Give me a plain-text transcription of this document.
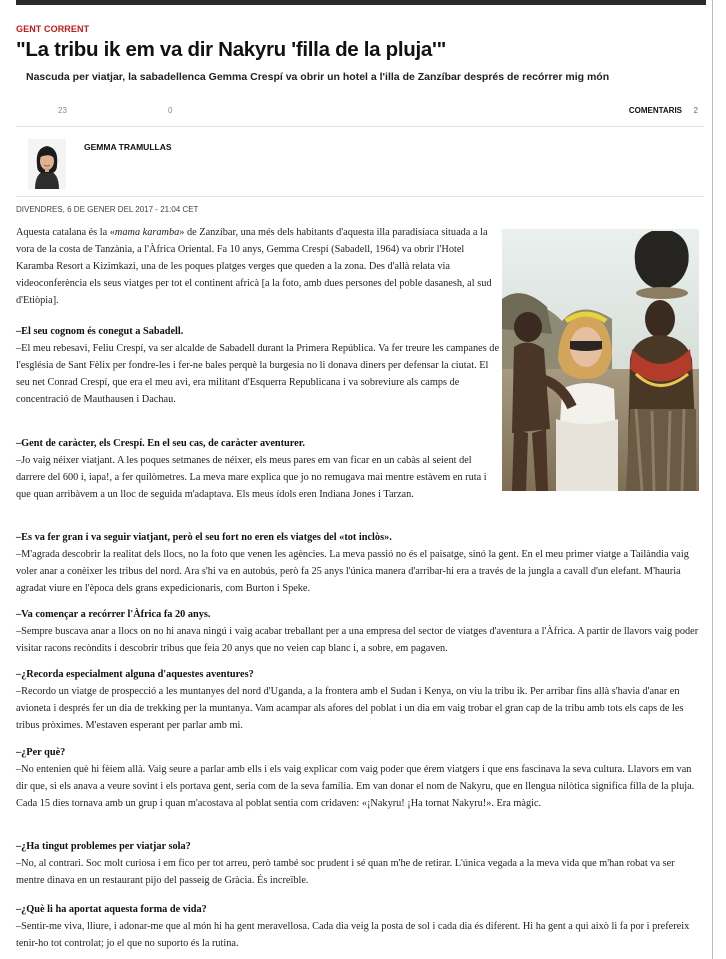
GENT CORRENT
"La tribu ik em va dir Nakyru 'filla de la pluja'"
Nascuda per viatjar, la sabadellenca Gemma Crespí va obrir un hotel a l'illa de Zanzíbar després de recórrer mig món
23	0	COMENTARIS 2
GEMMA TRAMULLAS
DIVENDRES, 6 DE GENER DEL 2017 - 21:04 CET

Aquesta catalana és la «mama karamba» de Zanzíbar, una més dels habitants d'aquesta illa paradisíaca situada a la vora de la costa de Tanzània, a l'Àfrica Oriental. Fa 10 anys, Gemma Crespí (Sabadell, 1964) va obrir l'Hotel Karamba Resort a Kizimkazi, una de les poques platges verges que queden a la zona. Des d'allà relata via videoconferència els seus viatges per tot el continent africà [a la foto, amb dues persones del poble dasanesh, al sud d'Etiòpia].

–El seu cognom és conegut a Sabadell.
–El meu rebesavi, Feliu Crespí, va ser alcalde de Sabadell durant la Primera República. Va fer treure les campanes de l'església de Sant Fèlix per fondre-les i fer-ne bales perquè la burgesia no li donava diners per defensar la ciutat. El seu net Conrad Crespí, que era el meu avi, era militant d'Esquerra Republicana i va sobreviure als camps de concentració de Mauthausen i Dachau.

–Gent de caràcter, els Crespí. En el seu cas, de caràcter aventurer.
–Jo vaig néixer viatjant. A les poques setmanes de néixer, els meus pares em van ficar en un cabàs al seient del darrere del 600 i, iapa!, a fer quilòmetres. La meva mare explica que jo no remugava mai mentre estàvem en ruta i que quan arribàvem a un lloc de seguida m'adaptava. Els meus ídols eren Indiana Jones i Tarzan.

–Es va fer gran i va seguir viatjant, però el seu fort no eren els viatges del «tot inclòs».
–M'agrada descobrir la realitat dels llocs, no la foto que venen les agències. La meva passió no és el paisatge, sinó la gent. En el meu primer viatge a Tailàndia vaig voler anar a conèixer les tribus del nord. Ara s'hi va en autobús, però fa 25 anys l'única manera d'arribar-hi era a través de la jungla a cavall d'un elefant. M'hauria agradat viure en l'època dels grans expedicionaris, com Burton i Speke.

–Va començar a recórrer l'Àfrica fa 20 anys.
–Sempre buscava anar a llocs on no hi anava ningú i vaig acabar treballant per a una empresa del sector de viatges d'aventura a l'Àfrica. A partir de llavors vaig poder visitar racons recòndits i descobrir tribus que feia 20 anys que no veien cap blanc i, a sobre, em pagaven.

–¿Recorda especialment alguna d'aquestes aventures?
–Recordo un viatge de prospecció a les muntanyes del nord d'Uganda, a la frontera amb el Sudan i Kenya, on viu la tribu ik. Per arribar fins allà s'havia d'anar en avioneta i després fer un dia de trekking per la muntanya. Vam acampar als afores del poblat i un dia em vaig trobar el gran cap de la tribu amb tots els caps de les tribus pròximes. M'estaven esperant per parlar amb mi.

–¿Per què?
–No entenien què hi fèiem allà. Vaig seure a parlar amb ells i els vaig explicar com vaig poder que érem viatgers i que ens fascinava la seva cultura. Llavors em van dir que, si els anava a veure sovint i els portava gent, seria com de la seva família. Em van donar el nom de Nakyru, que en llengua nilòtica significa filla de la pluja. Cada 15 dies tornava amb un grup i quan m'acostava al poblat sentia com cridaven: «¡Nakyru! ¡Ha tornat Nakyru!». Era màgic.

–¿Ha tingut problemes per viatjar sola?
–No, al contrari. Soc molt curiosa i em fico per tot arreu, però també soc prudent i sé quan m'he de retirar. L'única vegada a la meva vida que m'han robat va ser mentre dinava en un restaurant pijo del passeig de Gràcia. És increïble.

–¿Què li ha aportat aquesta forma de vida?
–Sentir-me viva, lliure, i adonar-me que al món hi ha gent meravellosa. Cada dia veig la posta de sol i cada dia és diferent. Hi ha gent a qui això li fa por i prefereix tenir-ho tot controlat; jo el que no suporto és la rutina.
